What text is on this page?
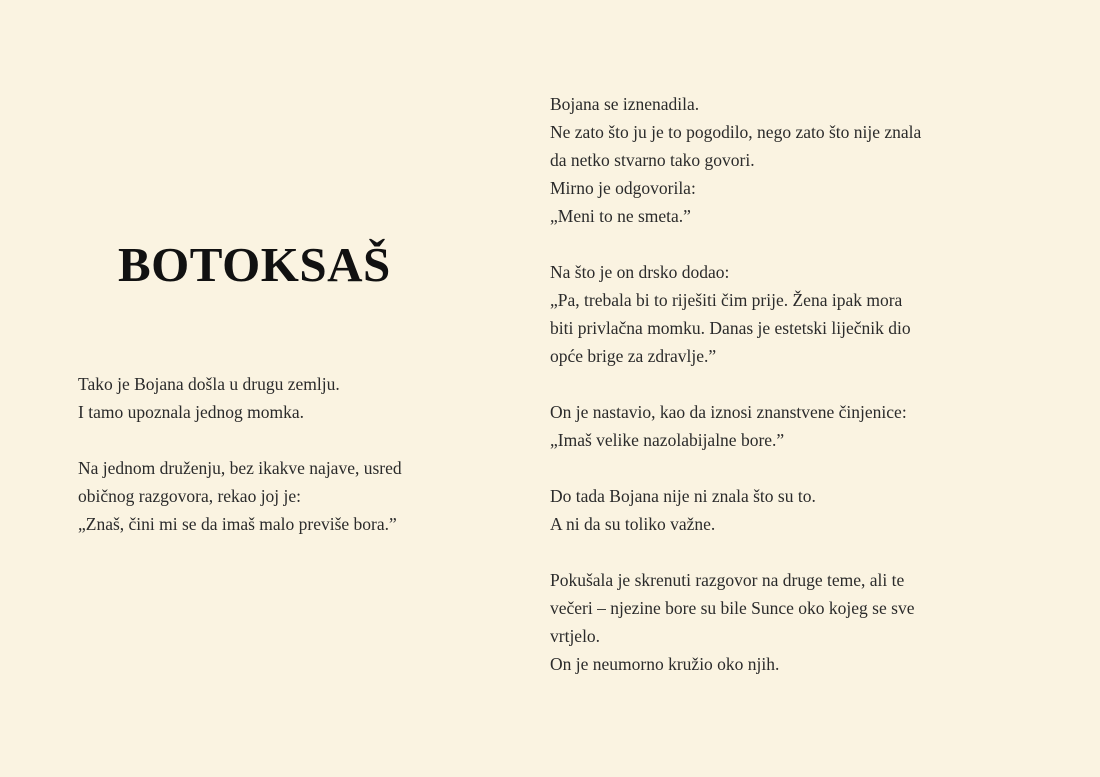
BOTOKSAŠ

Tako je Bojana došla u drugu zemlju.
I tamo upoznala jednog momka.

Na jednom druženju, bez ikakve najave, usred
običnog razgovora, rekao joj je:
„Znaš, čini mi se da imaš malo previše bora.”

Bojana se iznenadila.
Ne zato što ju je to pogodilo, nego zato što nije znala
da netko stvarno tako govori.
Mirno je odgovorila:
„Meni to ne smeta.”

Na što je on drsko dodao:
„Pa, trebala bi to riješiti čim prije. Žena ipak mora
biti privlačna momku. Danas je estetski liječnik dio
opće brige za zdravlje.”

On je nastavio, kao da iznosi znanstvene činjenice:
„Imaš velike nazolabijalne bore.”

Do tada Bojana nije ni znala što su to.
A ni da su toliko važne.

Pokušala je skrenuti razgovor na druge teme, ali te
večeri – njezine bore su bile Sunce oko kojeg se sve
vrtjelo.
On je neumorno kružio oko njih.
